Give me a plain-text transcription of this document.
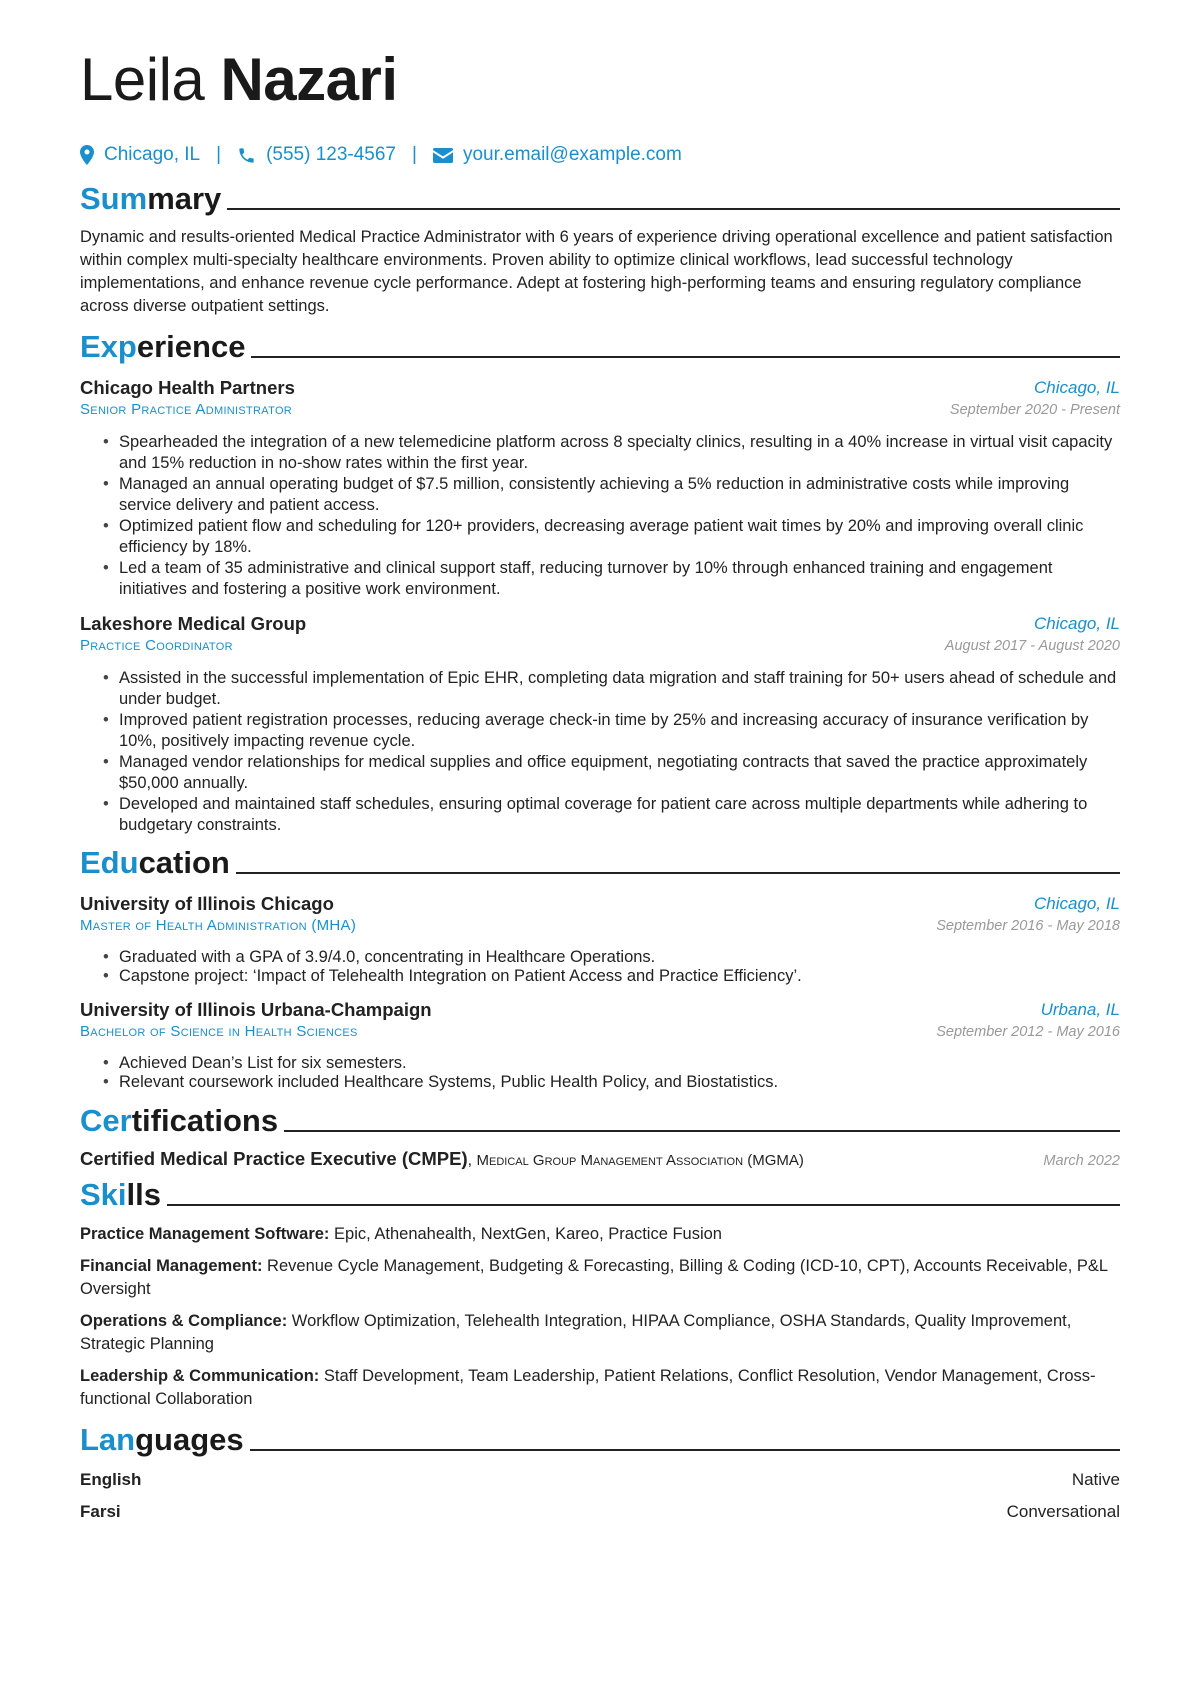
Leila Nazari
Chicago, IL | (555) 123-4567 | your.email@example.com
Summary

Dynamic and results-oriented Medical Practice Administrator with 6 years of experience driving operational excellence and patient satisfaction within complex multi-specialty healthcare environments. Proven ability to optimize clinical workflows, lead successful technology implementations, and enhance revenue cycle performance. Adept at fostering high-performing teams and ensuring regulatory compliance across diverse outpatient settings.

Experience
Chicago Health Partners	Chicago, IL
Senior Practice Administrator	September 2020 - Present
• Spearheaded the integration of a new telemedicine platform across 8 specialty clinics, resulting in a 40% increase in virtual visit capacity and 15% reduction in no-show rates within the first year.
• Managed an annual operating budget of $7.5 million, consistently achieving a 5% reduction in administrative costs while improving service delivery and patient access.
• Optimized patient flow and scheduling for 120+ providers, decreasing average patient wait times by 20% and improving overall clinic efficiency by 18%.
• Led a team of 35 administrative and clinical support staff, reducing turnover by 10% through enhanced training and engagement initiatives and fostering a positive work environment.
Lakeshore Medical Group	Chicago, IL
Practice Coordinator	August 2017 - August 2020
• Assisted in the successful implementation of Epic EHR, completing data migration and staff training for 50+ users ahead of schedule and under budget.
• Improved patient registration processes, reducing average check-in time by 25% and increasing accuracy of insurance verification by 10%, positively impacting revenue cycle.
• Managed vendor relationships for medical supplies and office equipment, negotiating contracts that saved the practice approximately $50,000 annually.
• Developed and maintained staff schedules, ensuring optimal coverage for patient care across multiple departments while adhering to budgetary constraints.
Education
University of Illinois Chicago	Chicago, IL
Master of Health Administration (MHA)	September 2016 - May 2018
• Graduated with a GPA of 3.9/4.0, concentrating in Healthcare Operations.
• Capstone project: ‘Impact of Telehealth Integration on Patient Access and Practice Efficiency’.
University of Illinois Urbana-Champaign	Urbana, IL
Bachelor of Science in Health Sciences	September 2012 - May 2016
• Achieved Dean’s List for six semesters.
• Relevant coursework included Healthcare Systems, Public Health Policy, and Biostatistics.
Certifications
Certified Medical Practice Executive (CMPE), Medical Group Management Association (MGMA)	March 2022
Skills
Practice Management Software: Epic, Athenahealth, NextGen, Kareo, Practice Fusion
Financial Management: Revenue Cycle Management, Budgeting & Forecasting, Billing & Coding (ICD-10, CPT), Accounts Receivable, P&L Oversight
Operations & Compliance: Workflow Optimization, Telehealth Integration, HIPAA Compliance, OSHA Standards, Quality Improvement, Strategic Planning
Leadership & Communication: Staff Development, Team Leadership, Patient Relations, Conflict Resolution, Vendor Management, Cross-functional Collaboration
Languages
English	Native
Farsi	Conversational
